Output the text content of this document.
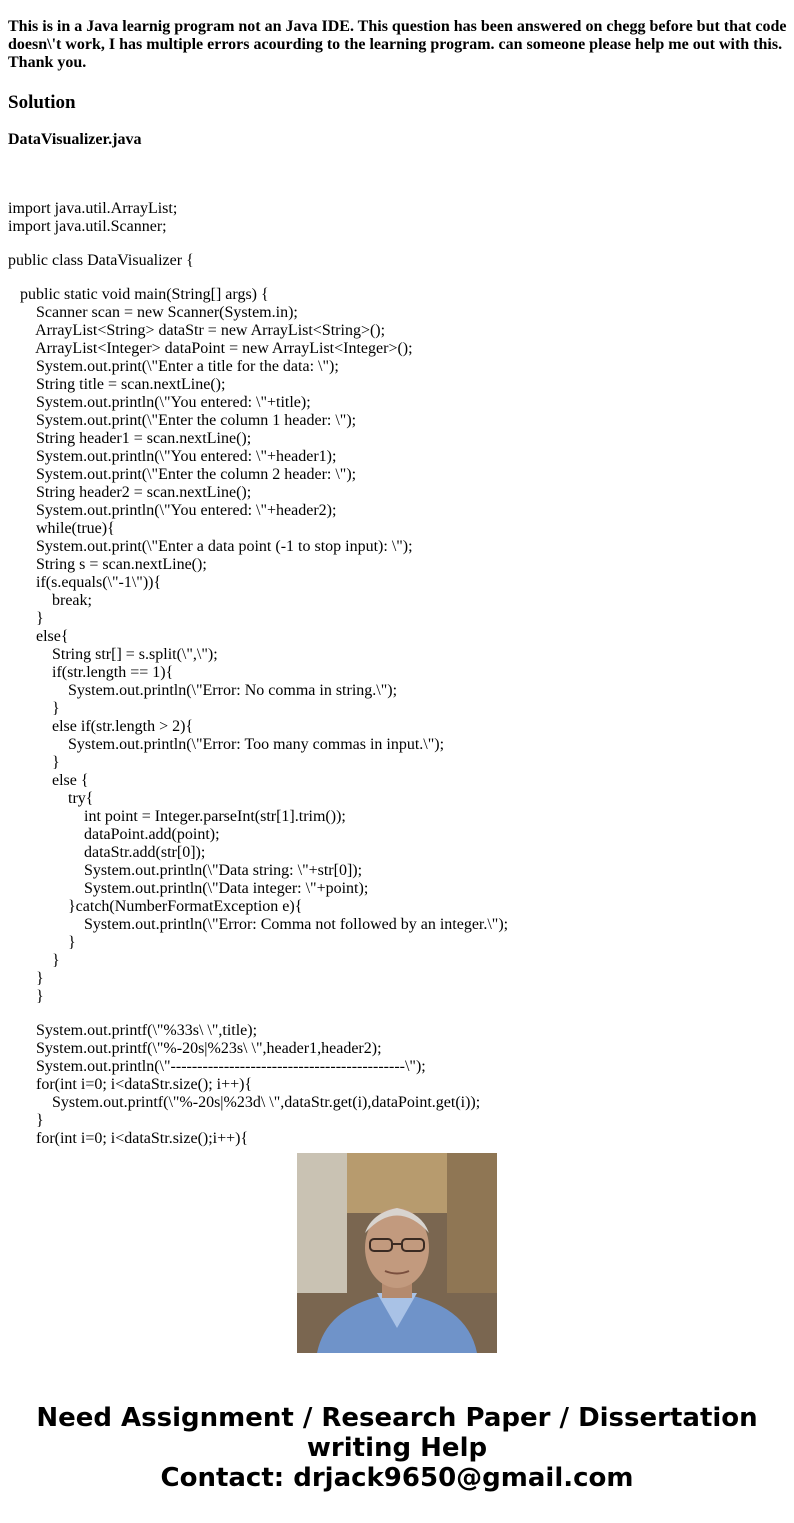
This is in a Java learnig program not an Java IDE. This question has been answered on chegg before but that code doesn\'t work, I has multiple errors acourding to the learning program. can someone please help me out with this. Thank you.
Solution
DataVisualizer.java
import java.util.ArrayList;
import java.util.Scanner;
public class DataVisualizer {
public static void main(String[] args) {
Scanner scan = new Scanner(System.in);
ArrayList<String> dataStr = new ArrayList<String>();
ArrayList<Integer> dataPoint = new ArrayList<Integer>();
System.out.print(\"Enter a title for the data: \");
String title = scan.nextLine();
System.out.println(\"You entered: \"+title);
System.out.print(\"Enter the column 1 header: \");
String header1 = scan.nextLine();
System.out.println(\"You entered: \"+header1);
System.out.print(\"Enter the column 2 header: \");
String header2 = scan.nextLine();
System.out.println(\"You entered: \"+header2);
while(true){
System.out.print(\"Enter a data point (-1 to stop input): \");
String s = scan.nextLine();
if(s.equals(\"-1\")){
break;
}
else{
String str[] = s.split(\",\");
if(str.length == 1){
System.out.println(\"Error: No comma in string.\");
}
else if(str.length > 2){
System.out.println(\"Error: Too many commas in input.\");
}
else {
try{
int point = Integer.parseInt(str[1].trim());
dataPoint.add(point);
dataStr.add(str[0]);
System.out.println(\"Data string: \"+str[0]);
System.out.println(\"Data integer: \"+point);
}catch(NumberFormatException e){
System.out.println(\"Error: Comma not followed by an integer.\");
}
}
}
}
System.out.printf(\"%33s\ \",title);
System.out.printf(\"%-20s|%23s\ \",header1,header2);
System.out.println(\"--------------------------------------------\");
for(int i=0; i<dataStr.size(); i++){
System.out.printf(\"%-20s|%23d\ \",dataStr.get(i),dataPoint.get(i));
}
for(int i=0; i<dataStr.size();i++){
Need Assignment / Research Paper / Dissertation
writing Help
Contact: drjack9650@gmail.com
